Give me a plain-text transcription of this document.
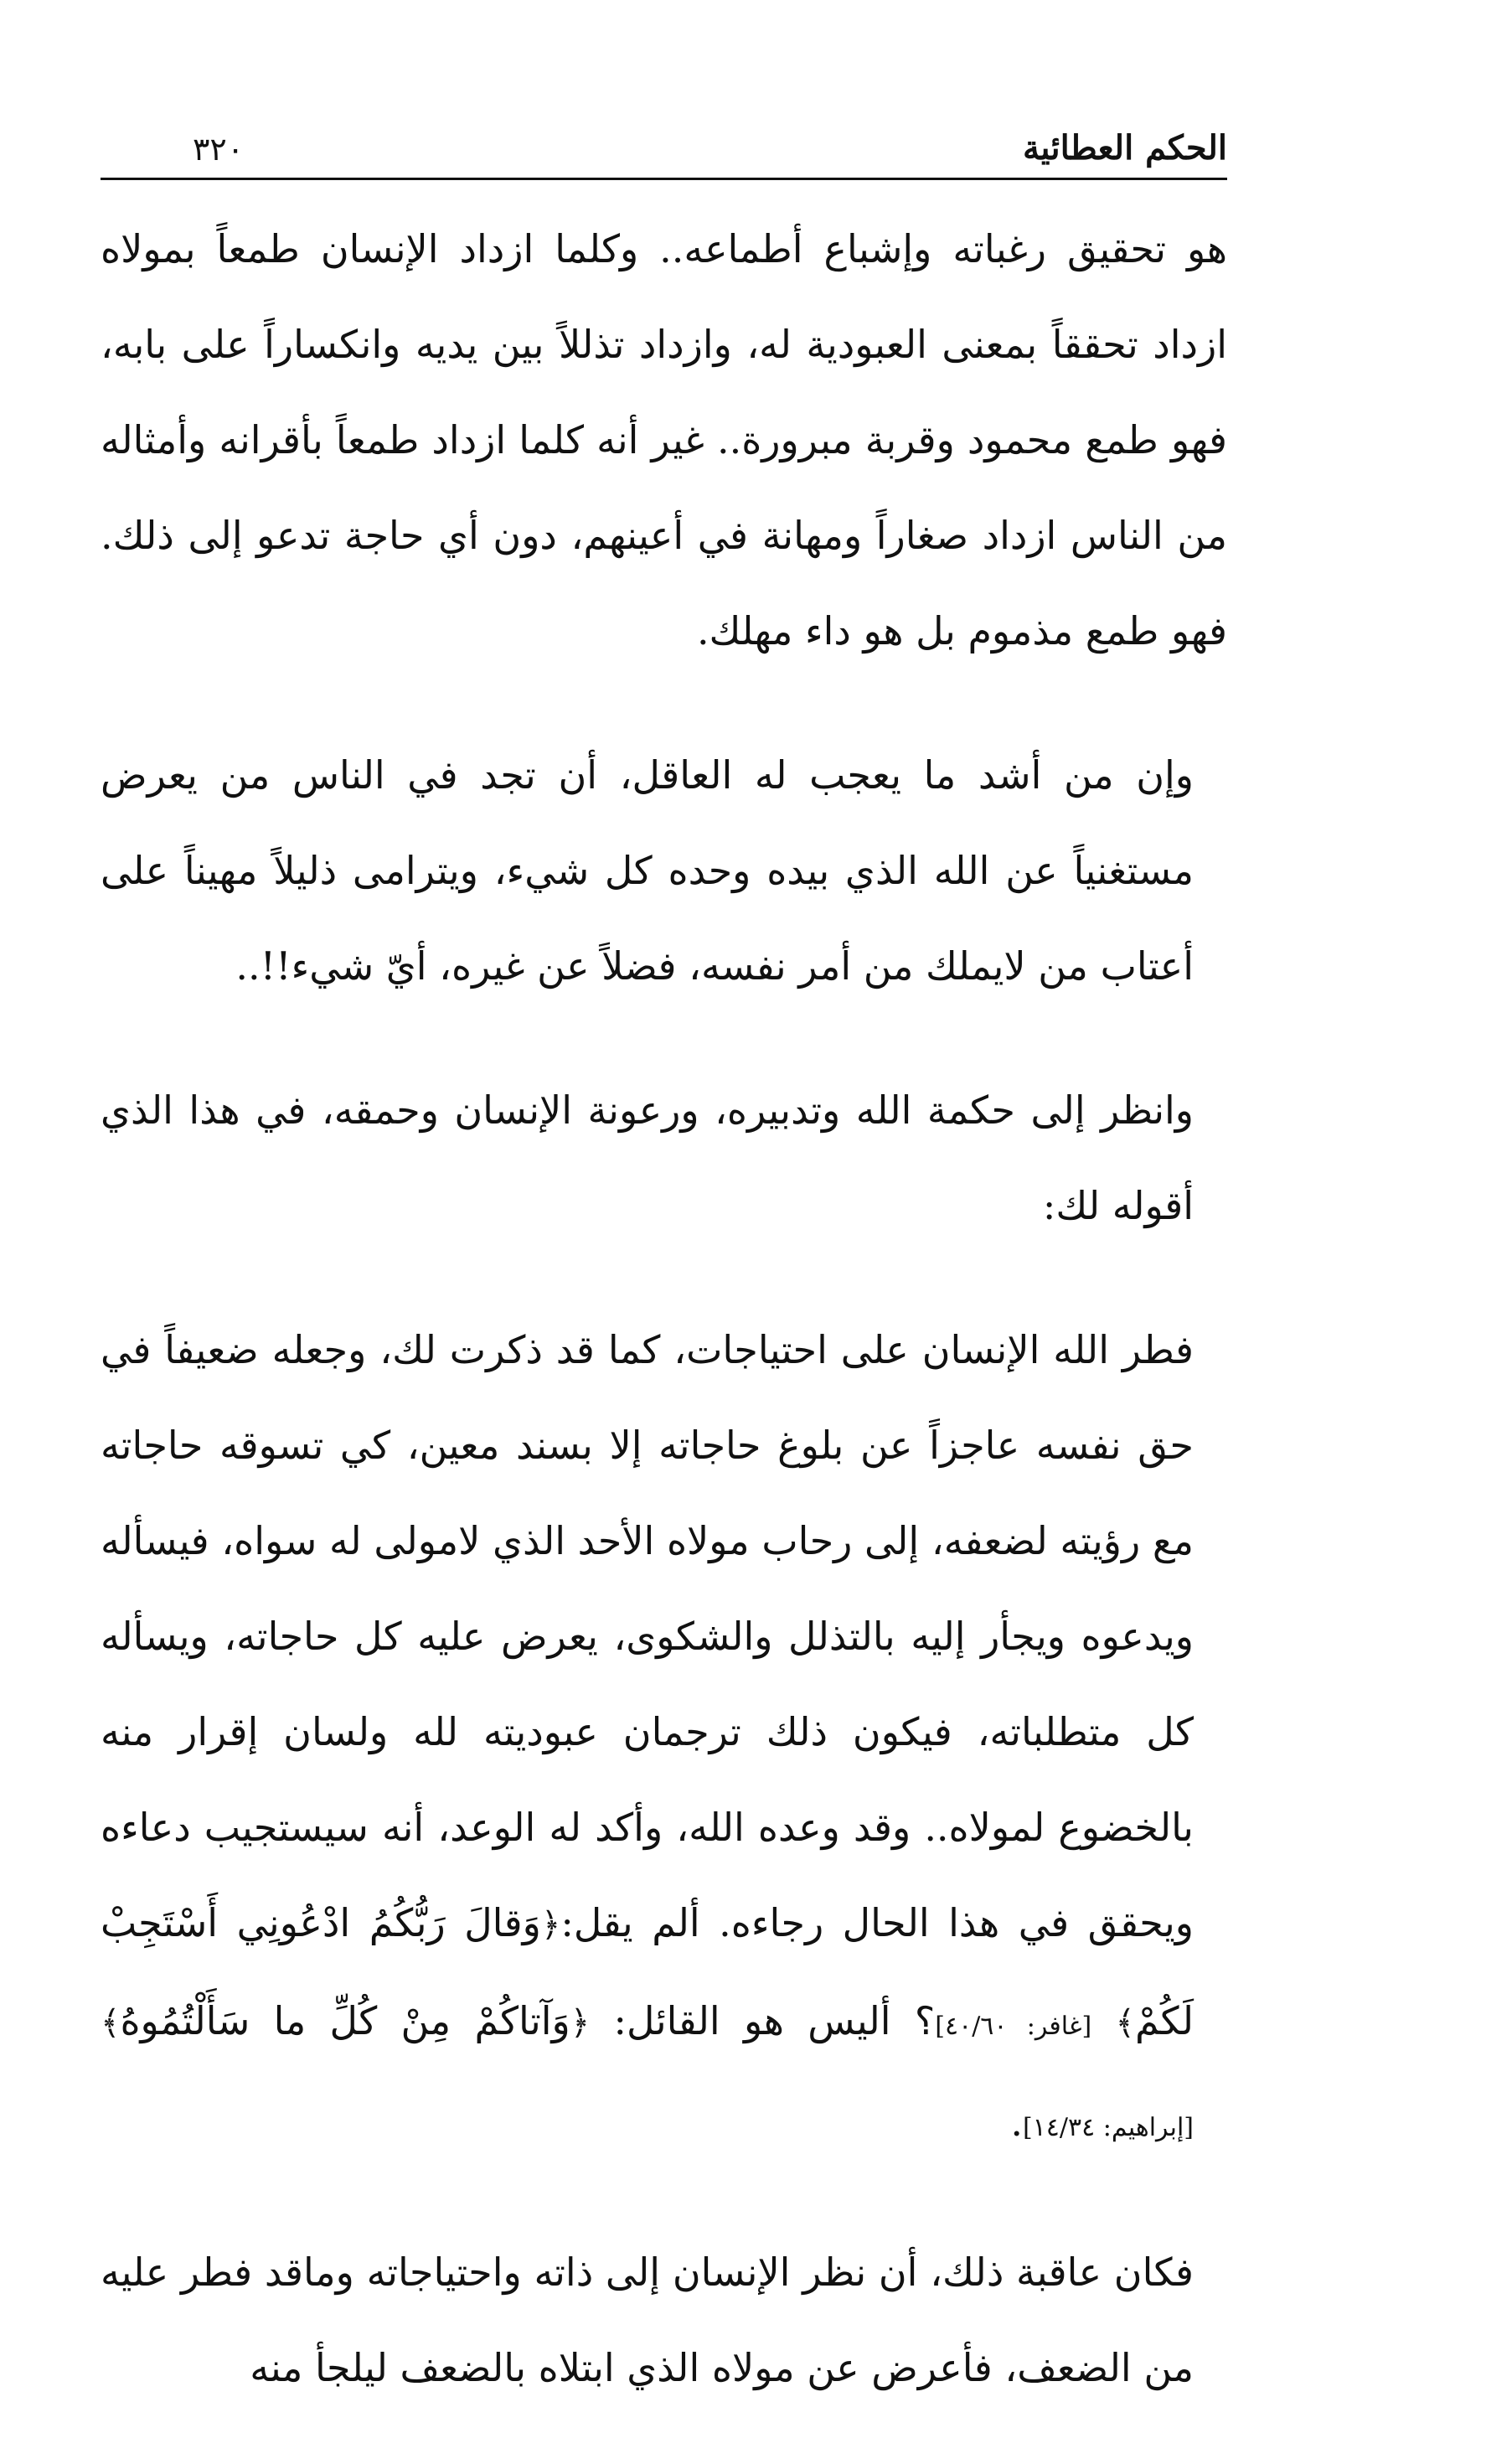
الحكم العطائية
٣٢٠

هو تحقيق رغباته وإشباع أطماعه.. وكلما ازداد الإنسان طمعاً بمولاه ازداد تحققاً بمعنى العبودية له، وازداد تذللاً بين يديه وانكساراً على بابه، فهو طمع محمود وقربة مبرورة.. غير أنه كلما ازداد طمعاً بأقرانه وأمثاله من الناس ازداد صغاراً ومهانة في أعينهم، دون أي حاجة تدعو إلى ذلك. فهو طمع مذموم بل هو داء مهلك.

وإن من أشد ما يعجب له العاقل، أن تجد في الناس من يعرض مستغنياً عن الله الذي بيده وحده كل شيء، ويترامى ذليلاً مهيناً على أعتاب من لايملك من أمر نفسه، فضلاً عن غيره، أيّ شيء!!..

وانظر إلى حكمة الله وتدبيره، ورعونة الإنسان وحمقه، في هذا الذي أقوله لك:

فطر الله الإنسان على احتياجات، كما قد ذكرت لك، وجعله ضعيفاً في حق نفسه عاجزاً عن بلوغ حاجاته إلا بسند معين، كي تسوقه حاجاته مع رؤيته لضعفه، إلى رحاب مولاه الأحد الذي لامولى له سواه، فيسأله ويدعوه ويجأر إليه بالتذلل والشكوى، يعرض عليه كل حاجاته، ويسأله كل متطلباته، فيكون ذلك ترجمان عبوديته لله ولسان إقرار منه بالخضوع لمولاه.. وقد وعده الله، وأكد له الوعد، أنه سيستجيب دعاءه ويحقق في هذا الحال رجاءه. ألم يقل:﴿وَقالَ رَبُّكُمُ ادْعُونِي أَسْتَجِبْ لَكُمْ﴾ [غافر: ٤٠/٦٠]؟ أليس هو القائل: ﴿وَآتاكُمْ مِنْ كُلِّ ما سَأَلْتُمُوهُ﴾ [إبراهيم: ١٤/٣٤].

فكان عاقبة ذلك، أن نظر الإنسان إلى ذاته واحتياجاته وماقد فطر عليه من الضعف، فأعرض عن مولاه الذي ابتلاه بالضعف ليلجأ منه
